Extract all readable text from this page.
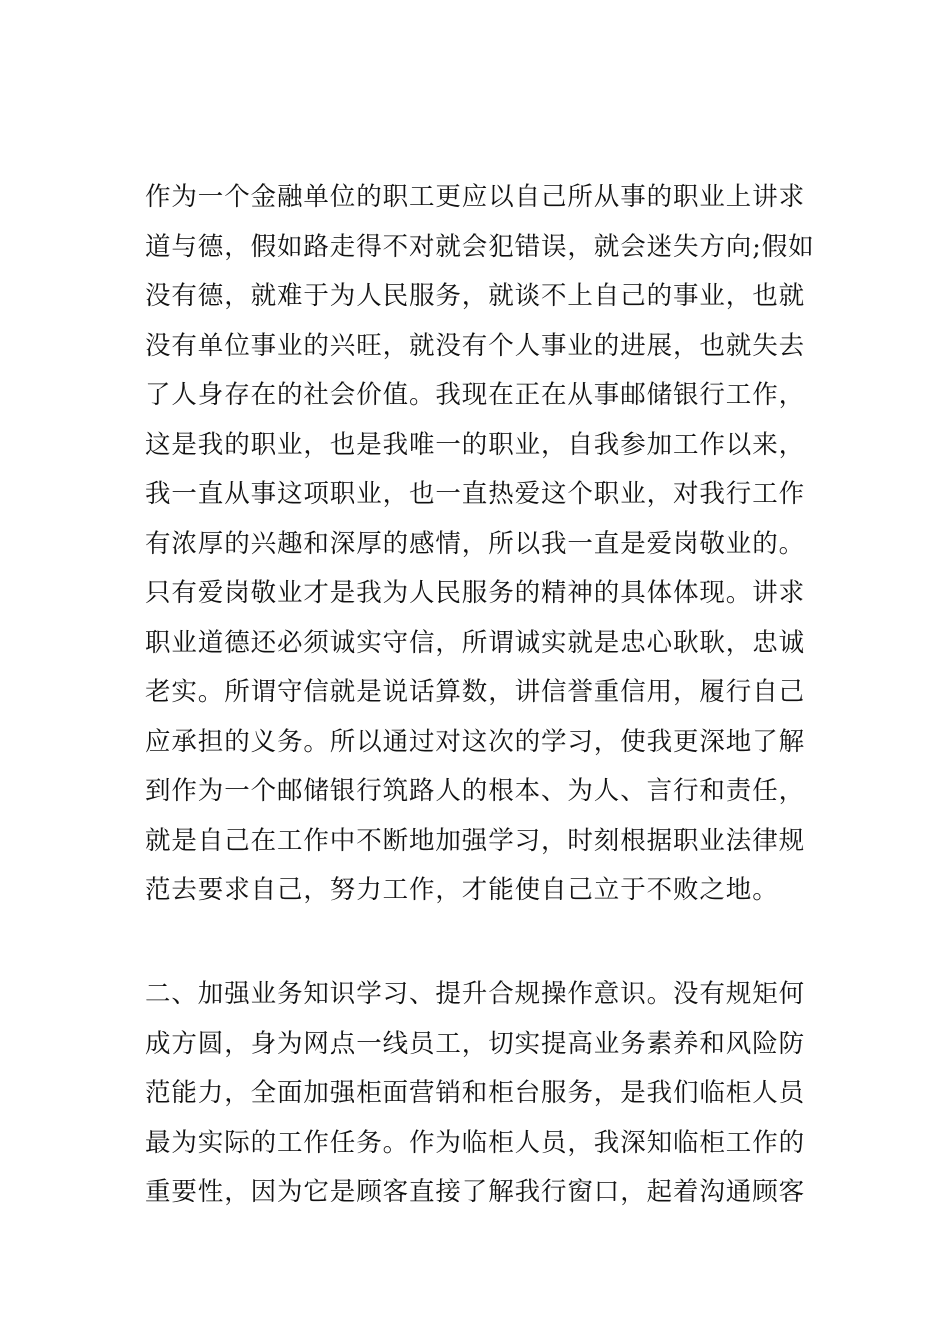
作为一个金融单位的职工更应以自己所从事的职业上讲求
道与德，假如路走得不对就会犯错误，就会迷失方向;假如
没有德，就难于为人民服务，就谈不上自己的事业，也就
没有单位事业的兴旺，就没有个人事业的进展，也就失去
了人身存在的社会价值。我现在正在从事邮储银行工作，
这是我的职业，也是我唯一的职业，自我参加工作以来，
我一直从事这项职业，也一直热爱这个职业，对我行工作
有浓厚的兴趣和深厚的感情，所以我一直是爱岗敬业的。
只有爱岗敬业才是我为人民服务的精神的具体体现。讲求
职业道德还必须诚实守信，所谓诚实就是忠心耿耿，忠诚
老实。所谓守信就是说话算数，讲信誉重信用，履行自己
应承担的义务。所以通过对这次的学习，使我更深地了解
到作为一个邮储银行筑路人的根本、为人、言行和责任，
就是自己在工作中不断地加强学习，时刻根据职业法律规
范去要求自己，努力工作，才能使自己立于不败之地。

二、加强业务知识学习、提升合规操作意识。没有规矩何
成方圆，身为网点一线员工，切实提高业务素养和风险防
范能力，全面加强柜面营销和柜台服务，是我们临柜人员
最为实际的工作任务。作为临柜人员，我深知临柜工作的
重要性，因为它是顾客直接了解我行窗口，起着沟通顾客
